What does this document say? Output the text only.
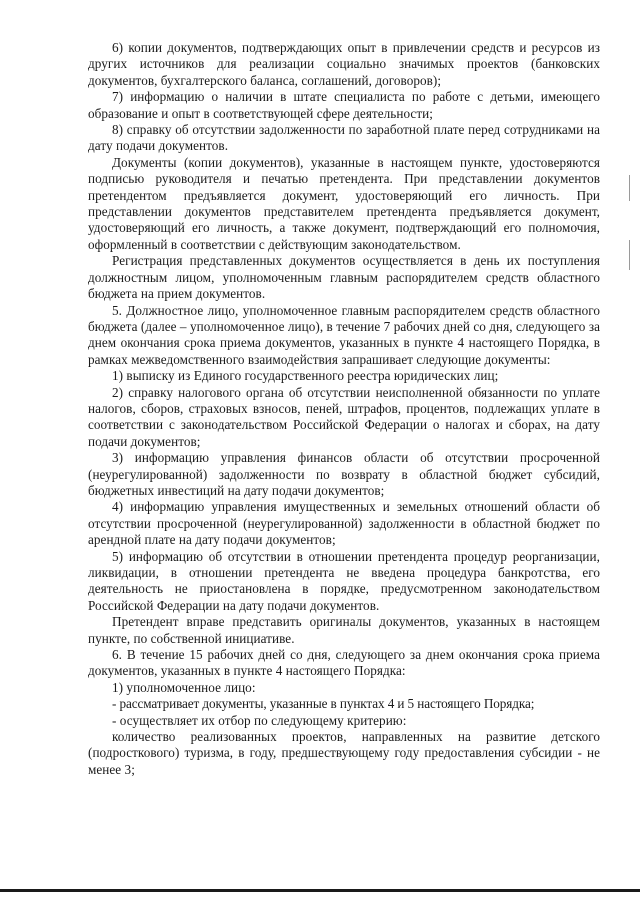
6) копии документов, подтверждающих опыт в привлечении средств и ресурсов из других источников для реализации социально значимых проектов (банковских документов, бухгалтерского баланса, соглашений, договоров);

7) информацию о наличии в штате специалиста по работе с детьми, имеющего образование и опыт в соответствующей сфере деятельности;

8) справку об отсутствии задолженности по заработной плате перед сотрудниками на дату подачи документов.

Документы (копии документов), указанные в настоящем пункте, удостоверяются подписью руководителя и печатью претендента. При представлении документов претендентом предъявляется документ, удостоверяющий его личность. При представлении документов представителем претендента предъявляется документ, удостоверяющий его личность, а также документ, подтверждающий его полномочия, оформленный в соответствии с действующим законодательством.

Регистрация представленных документов осуществляется в день их поступления должностным лицом, уполномоченным главным распорядителем средств областного бюджета на прием документов.

5. Должностное лицо, уполномоченное главным распорядителем средств областного бюджета (далее – уполномоченное лицо), в течение 7 рабочих дней со дня, следующего за днем окончания срока приема документов, указанных в пункте 4 настоящего Порядка, в рамках межведомственного взаимодействия запрашивает следующие документы:

1) выписку из Единого государственного реестра юридических лиц;

2) справку налогового органа об отсутствии неисполненной обязанности по уплате налогов, сборов, страховых взносов, пеней, штрафов, процентов, подлежащих уплате в соответствии с законодательством Российской Федерации о налогах и сборах, на дату подачи документов;

3) информацию управления финансов области об отсутствии просроченной (неурегулированной) задолженности по возврату в областной бюджет субсидий, бюджетных инвестиций на дату подачи документов;

4) информацию управления имущественных и земельных отношений области об отсутствии просроченной (неурегулированной) задолженности в областной бюджет по арендной плате на дату подачи документов;

5) информацию об отсутствии в отношении претендента процедур реорганизации, ликвидации, в отношении претендента не введена процедура банкротства, его деятельность не приостановлена в порядке, предусмотренном законодательством Российской Федерации на дату подачи документов.

Претендент вправе представить оригиналы документов, указанных в настоящем пункте, по собственной инициативе.

6. В течение 15 рабочих дней со дня, следующего за днем окончания срока приема документов, указанных в пункте 4 настоящего Порядка:

1) уполномоченное лицо:

- рассматривает документы, указанные в пунктах 4 и 5 настоящего Порядка;

- осуществляет их отбор по следующему критерию:

количество реализованных проектов, направленных на развитие детского (подросткового) туризма, в году, предшествующему году предоставления субсидии - не менее 3;
